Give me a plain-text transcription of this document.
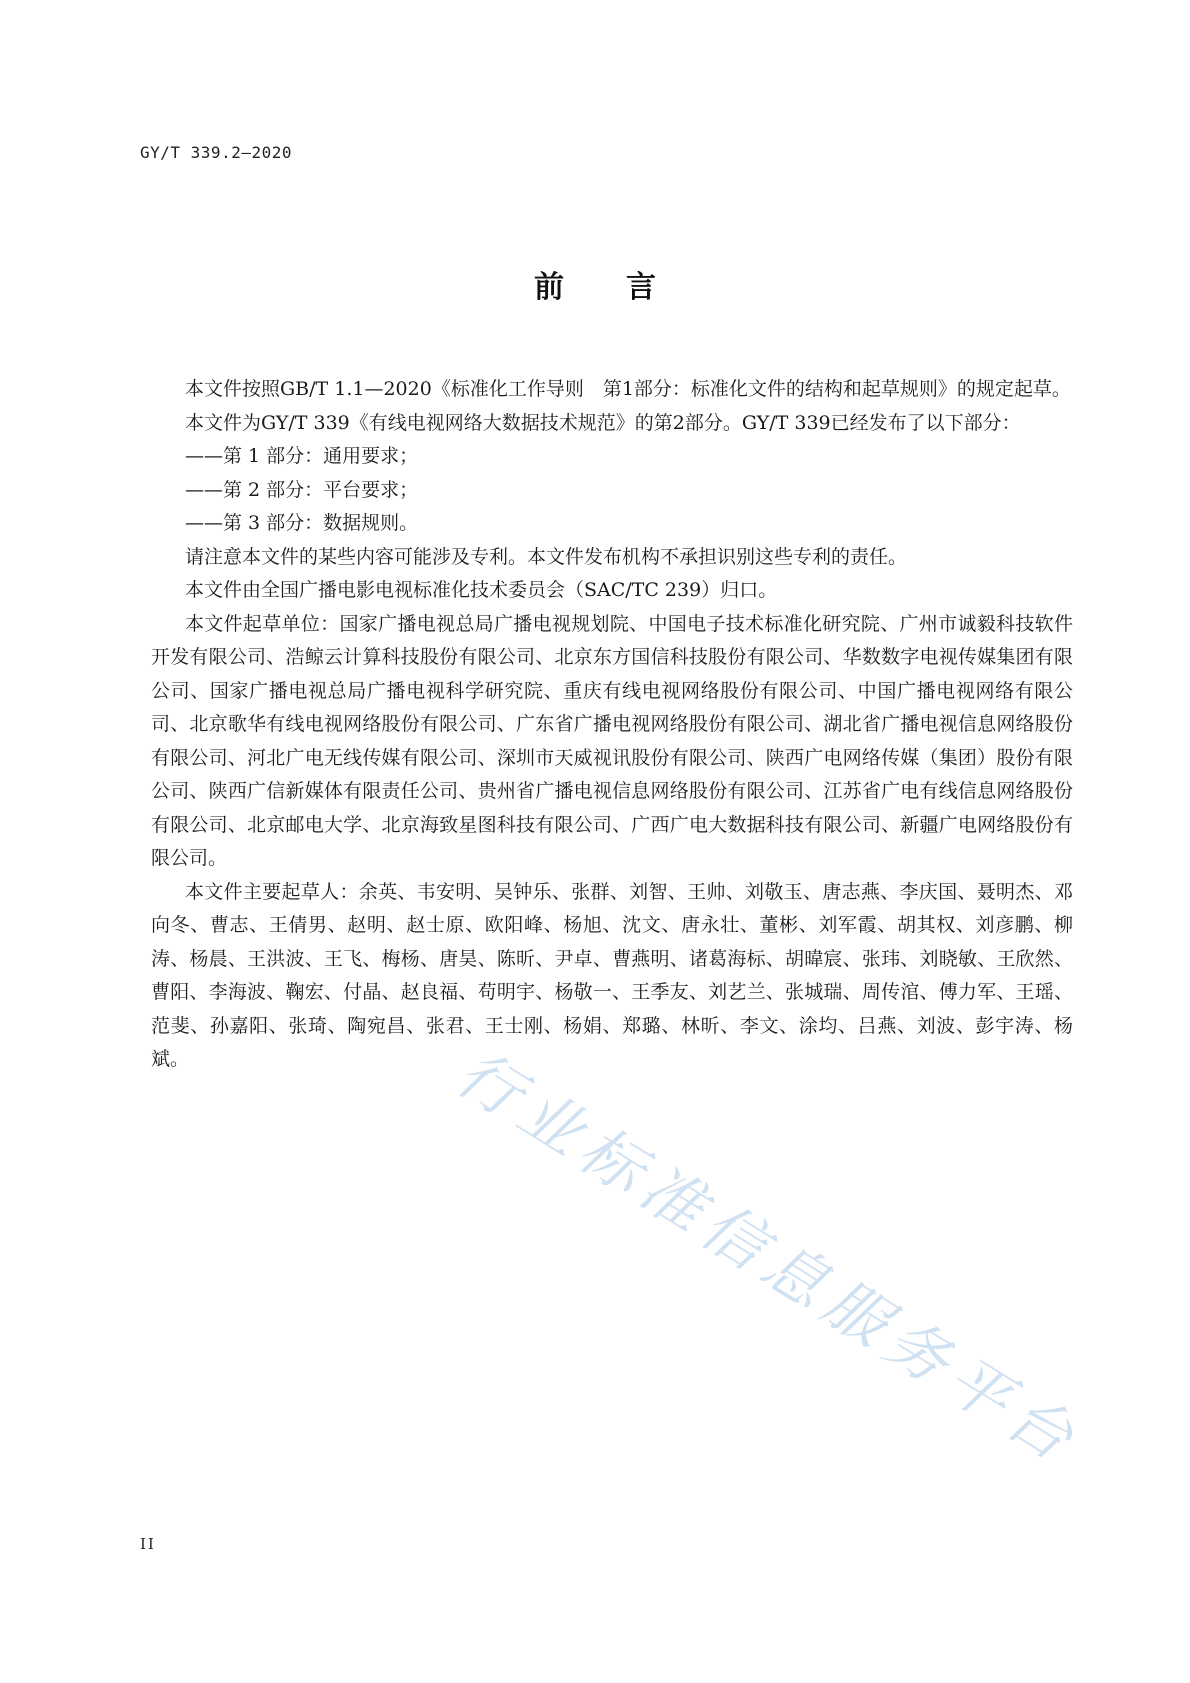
GY/T 339.2—2020
前言

本文件按照GB/T 1.1—2020《标准化工作导则　第1部分：标准化文件的结构和起草规则》的规定起草。

本文件为GY/T 339《有线电视网络大数据技术规范》的第2部分。GY/T 339已经发布了以下部分：

——第 1 部分：通用要求；

——第 2 部分：平台要求；

——第 3 部分：数据规则。

请注意本文件的某些内容可能涉及专利。本文件发布机构不承担识别这些专利的责任。

本文件由全国广播电影电视标准化技术委员会（SAC/TC 239）归口。

本文件起草单位：国家广播电视总局广播电视规划院、中国电子技术标准化研究院、广州市诚毅科技软件开发有限公司、浩鲸云计算科技股份有限公司、北京东方国信科技股份有限公司、华数数字电视传媒集团有限公司、国家广播电视总局广播电视科学研究院、重庆有线电视网络股份有限公司、中国广播电视网络有限公司、北京歌华有线电视网络股份有限公司、广东省广播电视网络股份有限公司、湖北省广播电视信息网络股份有限公司、河北广电无线传媒有限公司、深圳市天威视讯股份有限公司、陕西广电网络传媒（集团）股份有限公司、陕西广信新媒体有限责任公司、贵州省广播电视信息网络股份有限公司、江苏省广电有线信息网络股份有限公司、北京邮电大学、北京海致星图科技有限公司、广西广电大数据科技有限公司、新疆广电网络股份有限公司。

本文件主要起草人：余英、韦安明、吴钟乐、张群、刘智、王帅、刘敬玉、唐志燕、李庆国、聂明杰、邓向冬、曹志、王倩男、赵明、赵士原、欧阳峰、杨旭、沈文、唐永壮、董彬、刘军霞、胡其权、刘彦鹏、柳涛、杨晨、王洪波、王飞、梅杨、唐昊、陈昕、尹卓、曹燕明、诸葛海标、胡暐宸、张玮、刘晓敏、王欣然、曹阳、李海波、鞠宏、付晶、赵良福、苟明宇、杨敬一、王季友、刘艺兰、张城瑞、周传涫、傅力军、王瑶、范斐、孙嘉阳、张琦、陶宛昌、张君、王士刚、杨娟、郑璐、林昕、李文、涂均、吕燕、刘波、彭宇涛、杨斌。	行业标准信息服务平台
II
